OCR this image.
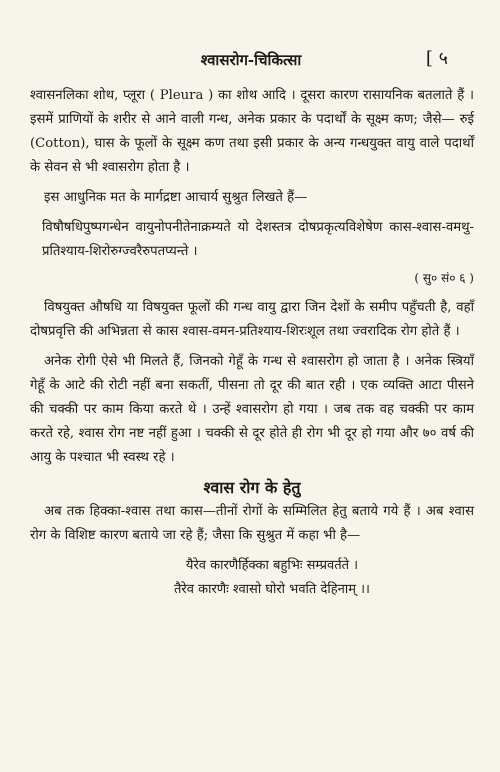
श्वासरोग-चिकित्सा	[ ५

श्वासनलिका शोथ, प्लूरा ( Pleura ) का शोथ आदि । दूसरा कारण रासायनिक बतलाते हैं । इसमें प्राणियों के शरीर से आने वाली गन्ध, अनेक प्रकार के पदार्थों के सूक्ष्म कण; जैसे— रुई (Cotton), घास के फूलों के सूक्ष्म कण तथा इसी प्रकार के अन्य गन्धयुक्त वायु वाले पदार्थों के सेवन से भी श्वासरोग होता है ।

इस आधुनिक मत के मार्गद्रष्टा आचार्य सुश्रुत लिखते हैं—

विषौषधिपुष्पगन्धेन वायुनोपनीतेनाक्रम्यते यो देशस्तत्र दोषप्रकृत्यविशेषेण कास-श्वास-वमथु-प्रतिश्याय-शिरोरुग्ज्वरैरुपतप्यन्ते ।

( सु० सं० ६ )

विषयुक्त औषधि या विषयुक्त फूलों की गन्ध वायु द्वारा जिन देशों के समीप पहुँचती है, वहाँ दोषप्रवृत्ति की अभिन्नता से कास श्वास-वमन-प्रतिश्याय-शिरःशूल तथा ज्वरादिक रोग होते हैं ।

अनेक रोगी ऐसे भी मिलते हैं, जिनको गेहूँ के गन्ध से श्वासरोग हो जाता है । अनेक स्त्रियाँ गेहूँ के आटे की रोटी नहीं बना सकतीं, पीसना तो दूर की बात रही । एक व्यक्ति आटा पीसने की चक्की पर काम किया करते थे । उन्हें श्वासरोग हो गया । जब तक वह चक्की पर काम करते रहे, श्वास रोग नष्ट नहीं हुआ । चक्की से दूर होते ही रोग भी दूर हो गया और ७० वर्ष की आयु के पश्चात भी स्वस्थ रहे ।

श्वास रोग के हेतु

अब तक हिक्का-श्वास तथा कास—तीनों रोगों के सम्मिलित हेतु बताये गये हैं । अब श्वास रोग के विशिष्ट कारण बताये जा रहे हैं; जैसा कि सुश्रुत में कहा भी है—

यैरेव कारणैर्हिक्का बहुभिः सम्प्रवर्तते ।
तैरेव कारणैः श्वासो घोरो भवति देहिनाम् ।।
